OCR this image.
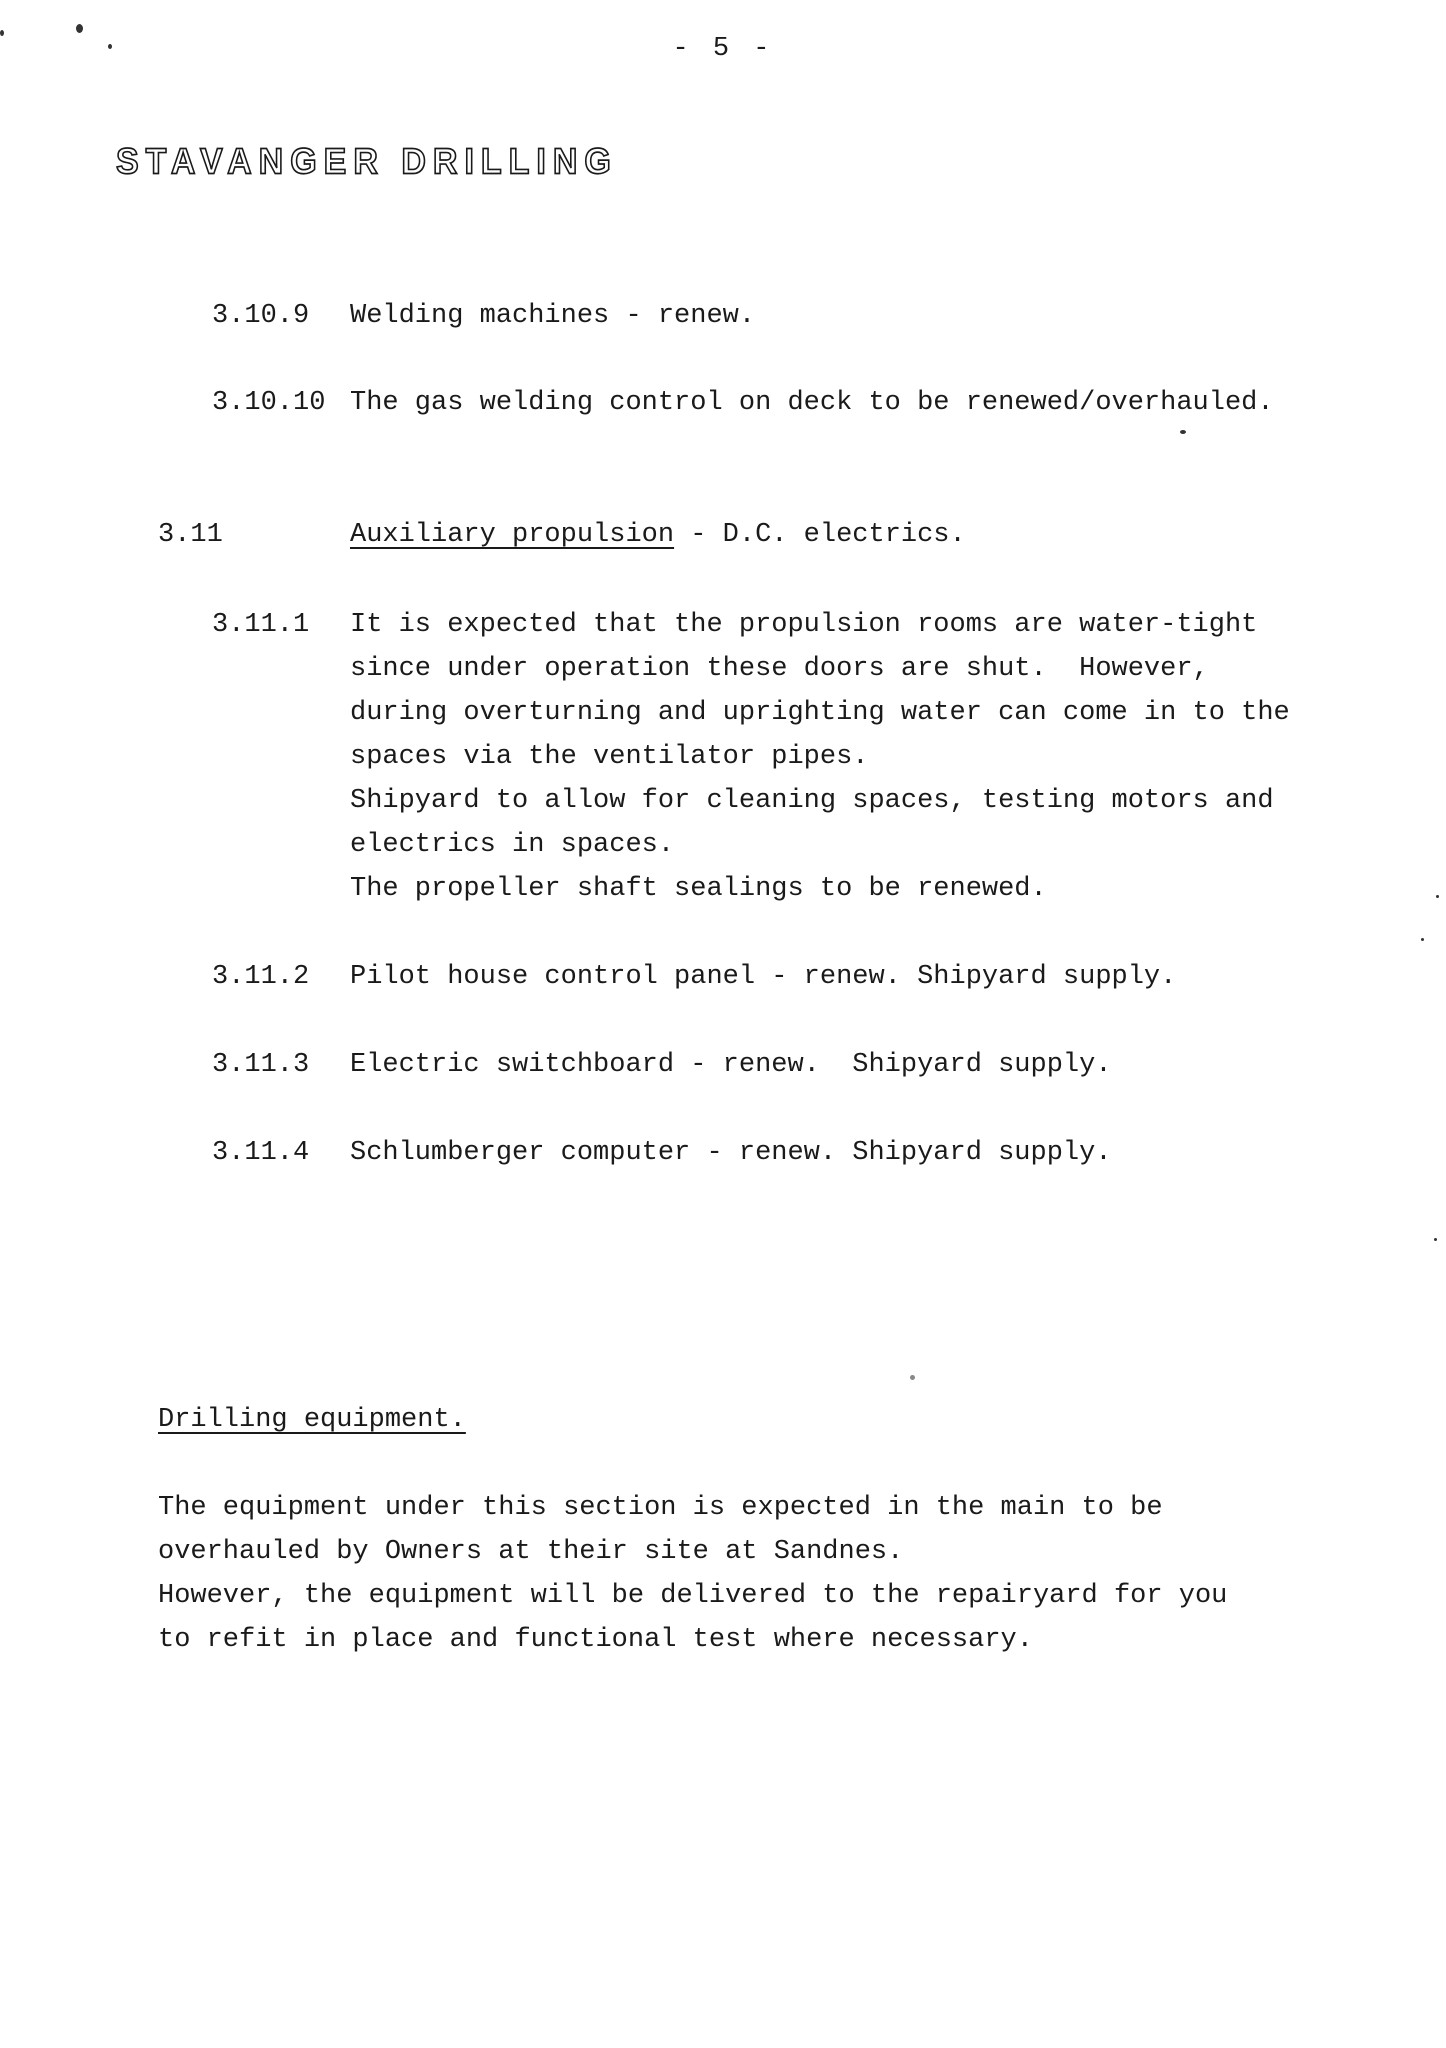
- 5 -
STAVANGER DRILLING
3.10.9 Welding machines - renew.
3.10.10 The gas welding control on deck to be renewed/overhauled.
3.11	Auxiliary propulsion - D.C. electrics.
3.11.1 It is expected that the propulsion rooms are water-tight
since under operation these doors are shut.  However,
during overturning and uprighting water can come in to the
spaces via the ventilator pipes.
Shipyard to allow for cleaning spaces, testing motors and
electrics in spaces.
The propeller shaft sealings to be renewed.
3.11.2 Pilot house control panel - renew. Shipyard supply.
3.11.3 Electric switchboard - renew.  Shipyard supply.
3.11.4 Schlumberger computer - renew. Shipyard supply.
Drilling equipment.
The equipment under this section is expected in the main to be
overhauled by Owners at their site at Sandnes.
However, the equipment will be delivered to the repairyard for you
to refit in place and functional test where necessary.
